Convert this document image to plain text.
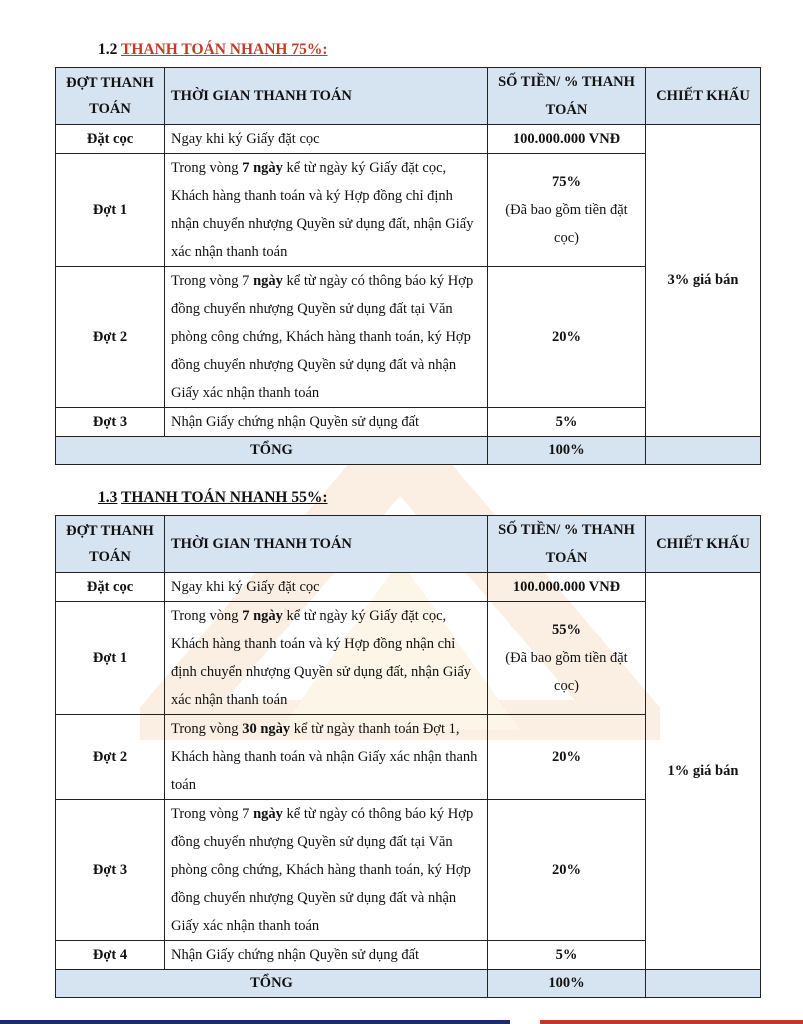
1.2 THANH TOÁN NHANH 75%:
ĐỢT THANH TOÁN	THỜI GIAN THANH TOÁN	SỐ TIỀN/ % THANH TOÁN	CHIẾT KHẤU
Đặt cọc	Ngay khi ký Giấy đặt cọc	100.000.000 VNĐ	3% giá bán
Đợt 1	Trong vòng 7 ngày kể từ ngày ký Giấy đặt cọc, Khách hàng thanh toán và ký Hợp đồng chỉ định nhận chuyển nhượng Quyền sử dụng đất, nhận Giấy xác nhận thanh toán	75%
(Đã bao gồm tiền đặt cọc)	

Đợt 2	Trong vòng 7 ngày kể từ ngày có thông báo ký Hợp đồng chuyển nhượng Quyền sử dụng đất tại Văn phòng công chứng, Khách hàng thanh toán, ký Hợp đồng chuyển nhượng Quyền sử dụng đất và nhận Giấy xác nhận thanh toán	20%	
Đợt 3	Nhận Giấy chứng nhận Quyền sử dụng đất	5%	
TỔNG		100%	
1.3 THANH TOÁN NHANH 55%:
ĐỢT THANH TOÁN	THỜI GIAN THANH TOÁN	SỐ TIỀN/ % THANH TOÁN	CHIẾT KHẤU
Đặt cọc	Ngay khi ký Giấy đặt cọc	100.000.000 VNĐ	1% giá bán
Đợt 1	Trong vòng 7 ngày kể từ ngày ký Giấy đặt cọc, Khách hàng thanh toán và ký Hợp đồng nhận chỉ định chuyển nhượng Quyền sử dụng đất, nhận Giấy xác nhận thanh toán	55%
(Đã bao gồm tiền đặt cọc)	

Đợt 2	Trong vòng 30 ngày kể từ ngày thanh toán Đợt 1, Khách hàng thanh toán và nhận Giấy xác nhận thanh toán	20%	
Đợt 3	Trong vòng 7 ngày kể từ ngày có thông báo ký Hợp đồng chuyển nhượng Quyền sử dụng đất tại Văn phòng công chứng, Khách hàng thanh toán, ký Hợp đồng chuyển nhượng Quyền sử dụng đất và nhận Giấy xác nhận thanh toán	20%	
Đợt 4	Nhận Giấy chứng nhận Quyền sử dụng đất	5%	
TỔNG		100%	
